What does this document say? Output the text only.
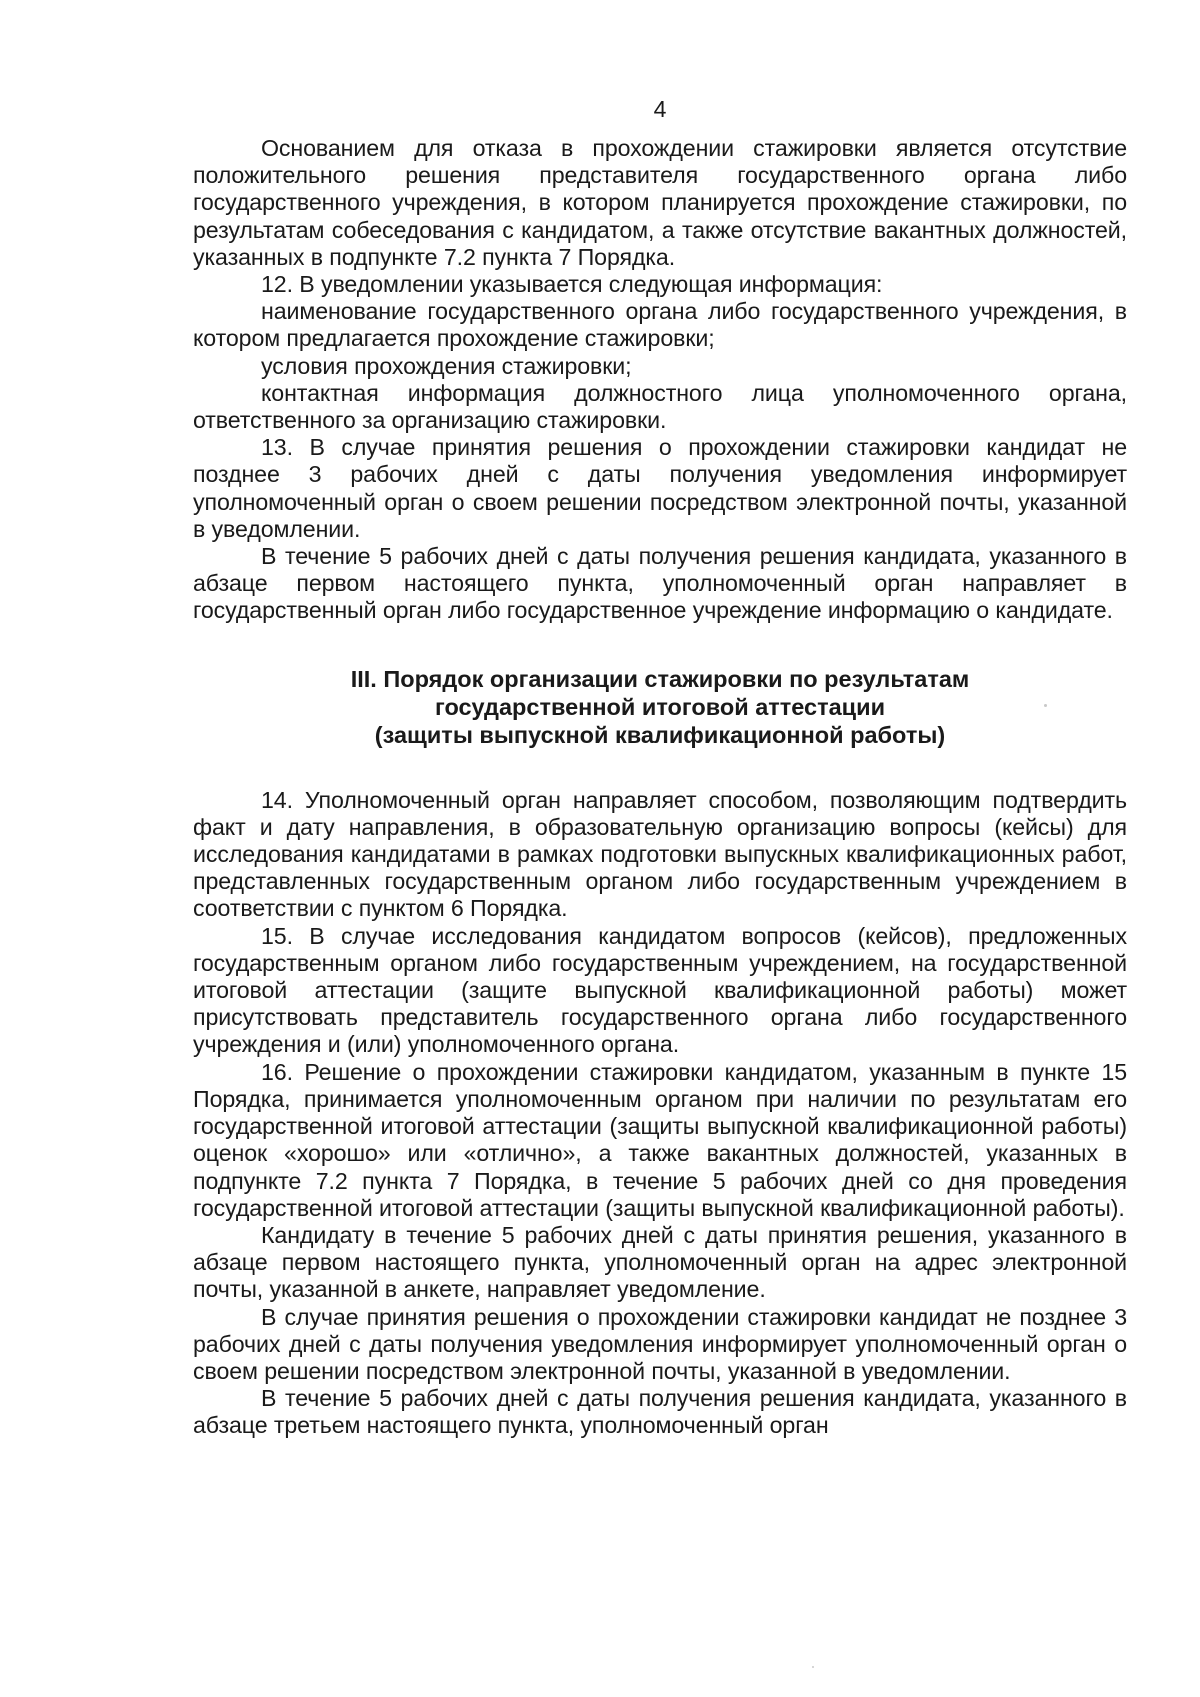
4

Основанием для отказа в прохождении стажировки является отсутствие положительного решения представителя государственного органа либо государственного учреждения, в котором планируется прохождение стажировки, по результатам собеседования с кандидатом, а также отсутствие вакантных должностей, указанных в подпункте 7.2 пункта 7 Порядка.

12. В уведомлении указывается следующая информация:

наименование государственного органа либо государственного учреждения, в котором предлагается прохождение стажировки;

условия прохождения стажировки;

контактная информация должностного лица уполномоченного органа, ответственного за организацию стажировки.

13. В случае принятия решения о прохождении стажировки кандидат не позднее 3 рабочих дней с даты получения уведомления информирует уполномоченный орган о своем решении посредством электронной почты, указанной в уведомлении.

В течение 5 рабочих дней с даты получения решения кандидата, указанного в абзаце первом настоящего пункта, уполномоченный орган направляет в государственный орган либо государственное учреждение информацию о кандидате.

III. Порядок организации стажировки по результатам
государственной итоговой аттестации
(защиты выпускной квалификационной работы)

14. Уполномоченный орган направляет способом, позволяющим подтвердить факт и дату направления, в образовательную организацию вопросы (кейсы) для исследования кандидатами в рамках подготовки выпускных квалификационных работ, представленных государственным органом либо государственным учреждением в соответствии с пунктом 6 Порядка.

15. В случае исследования кандидатом вопросов (кейсов), предложенных государственным органом либо государственным учреждением, на государственной итоговой аттестации (защите выпускной квалификационной работы) может присутствовать представитель государственного органа либо государственного учреждения и (или) уполномоченного органа.

16. Решение о прохождении стажировки кандидатом, указанным в пункте 15 Порядка, принимается уполномоченным органом при наличии по результатам его государственной итоговой аттестации (защиты выпускной квалификационной работы) оценок «хорошо» или «отлично», а также вакантных должностей, указанных в подпункте 7.2 пункта 7 Порядка, в течение 5 рабочих дней со дня проведения государственной итоговой аттестации (защиты выпускной квалификационной работы).

Кандидату в течение 5 рабочих дней с даты принятия решения, указанного в абзаце первом настоящего пункта, уполномоченный орган на адрес электронной почты, указанной в анкете, направляет уведомление.

В случае принятия решения о прохождении стажировки кандидат не позднее 3 рабочих дней с даты получения уведомления информирует уполномоченный орган о своем решении посредством электронной почты, указанной в уведомлении.

В течение 5 рабочих дней с даты получения решения кандидата, указанного в абзаце третьем настоящего пункта, уполномоченный орган
